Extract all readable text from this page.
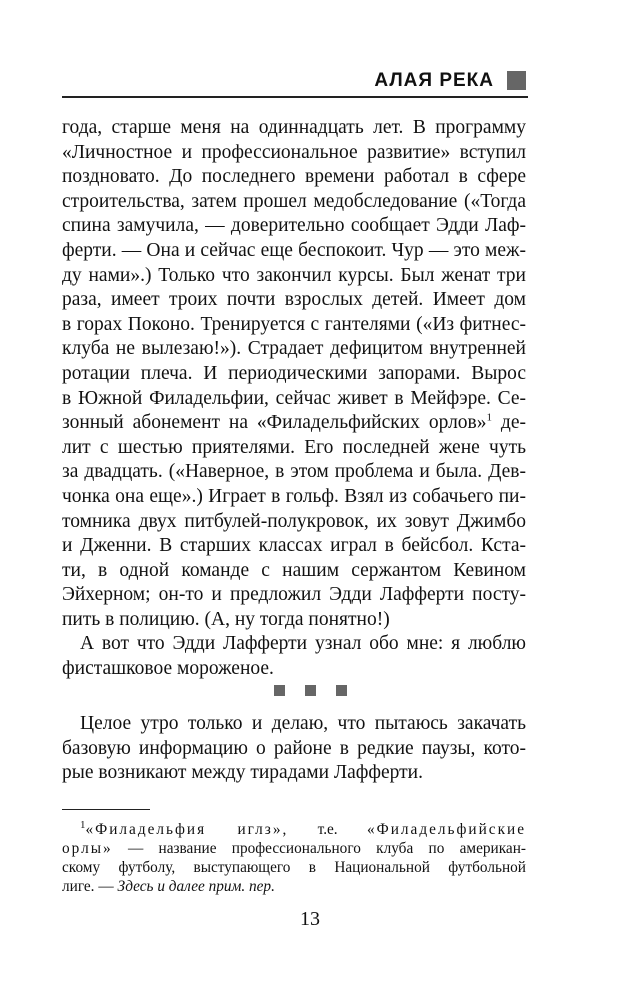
АЛАЯ РЕКА
года, старше меня на одиннадцать лет. В программу
«Личностное и профессиональное развитие» вступил
поздновато. До последнего времени работал в сфере
строительства, затем прошел медобследование («Тогда
спина замучила, — доверительно сообщает Эдди Лаф-
ферти. — Она и сейчас еще беспокоит. Чур — это меж-
ду нами».) Только что закончил курсы. Был женат три
раза, имеет троих почти взрослых детей. Имеет дом
в горах Поконо. Тренируется с гантелями («Из фитнес-
клуба не вылезаю!»). Страдает дефицитом внутренней
ротации плеча. И периодическими запорами. Вырос
в Южной Филадельфии, сейчас живет в Мейфэре. Се-
зонный абонемент на «Филадельфийских орлов»$^1$ де-
лит с шестью приятелями. Его последней жене чуть
за двадцать. («Наверное, в этом проблема и была. Дев-
чонка она еще».) Играет в гольф. Взял из собачьего пи-
томника двух питбулей-полукровок, их зовут Джимбо
и Дженни. В старших классах играл в бейсбол. Кста-
ти, в одной команде с нашим сержантом Кевином
Эйхерном; он-то и предложил Эдди Лафферти посту-
пить в полицию. (А, ну тогда понятно!)
А вот что Эдди Лафферти узнал обо мне: я люблю
фисташковое мороженое.
Целое утро только и делаю, что пытаюсь закачать
базовую информацию о районе в редкие паузы, кото-
рые возникают между тирадами Лафферти.
$^1$«Филадельфия иглз», т.е. «Филадельфийские
орлы» — название профессионального клуба по американ-
скому футболу, выступающего в Национальной футбольной
лиге. — Здесь и далее прим. пер.
13
